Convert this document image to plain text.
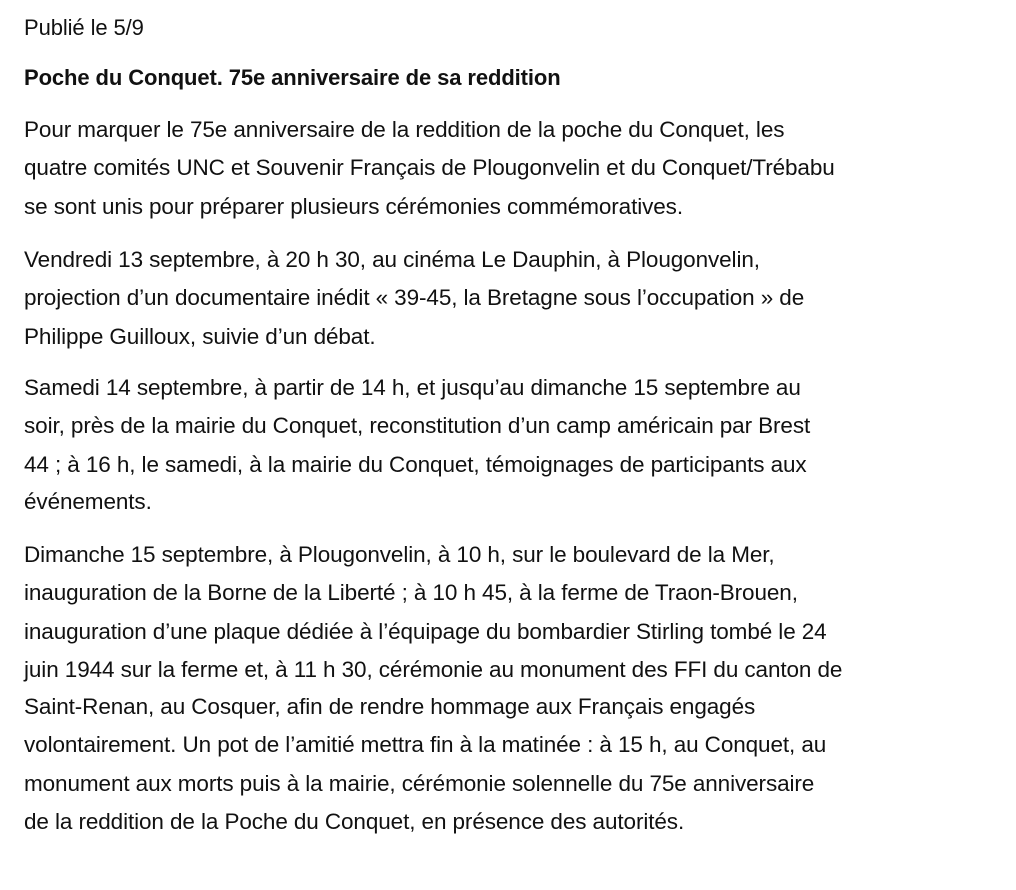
Publié le 5/9
Poche du Conquet. 75e anniversaire de sa reddition
Pour marquer le 75e anniversaire de la reddition de la poche du Conquet, les
quatre comités UNC et Souvenir Français de Plougonvelin et du Conquet/Trébabu
se sont unis pour préparer plusieurs cérémonies commémoratives.
Vendredi 13 septembre, à 20 h 30, au cinéma Le Dauphin, à Plougonvelin,
projection d’un documentaire inédit « 39-45, la Bretagne sous l’occupation » de
Philippe Guilloux, suivie d’un débat.
Samedi 14 septembre, à partir de 14 h, et jusqu’au dimanche 15 septembre au
soir, près de la mairie du Conquet, reconstitution d’un camp américain par Brest
44 ; à 16 h, le samedi, à la mairie du Conquet, témoignages de participants aux
événements.
Dimanche 15 septembre, à Plougonvelin, à 10 h, sur le boulevard de la Mer,
inauguration de la Borne de la Liberté ; à 10 h 45, à la ferme de Traon-Brouen,
inauguration d’une plaque dédiée à l’équipage du bombardier Stirling tombé le 24
juin 1944 sur la ferme et, à 11 h 30, cérémonie au monument des FFI du canton de
Saint-Renan, au Cosquer, afin de rendre hommage aux Français engagés
volontairement. Un pot de l’amitié mettra fin à la matinée : à 15 h, au Conquet, au
monument aux morts puis à la mairie, cérémonie solennelle du 75e anniversaire
de la reddition de la Poche du Conquet, en présence des autorités.
